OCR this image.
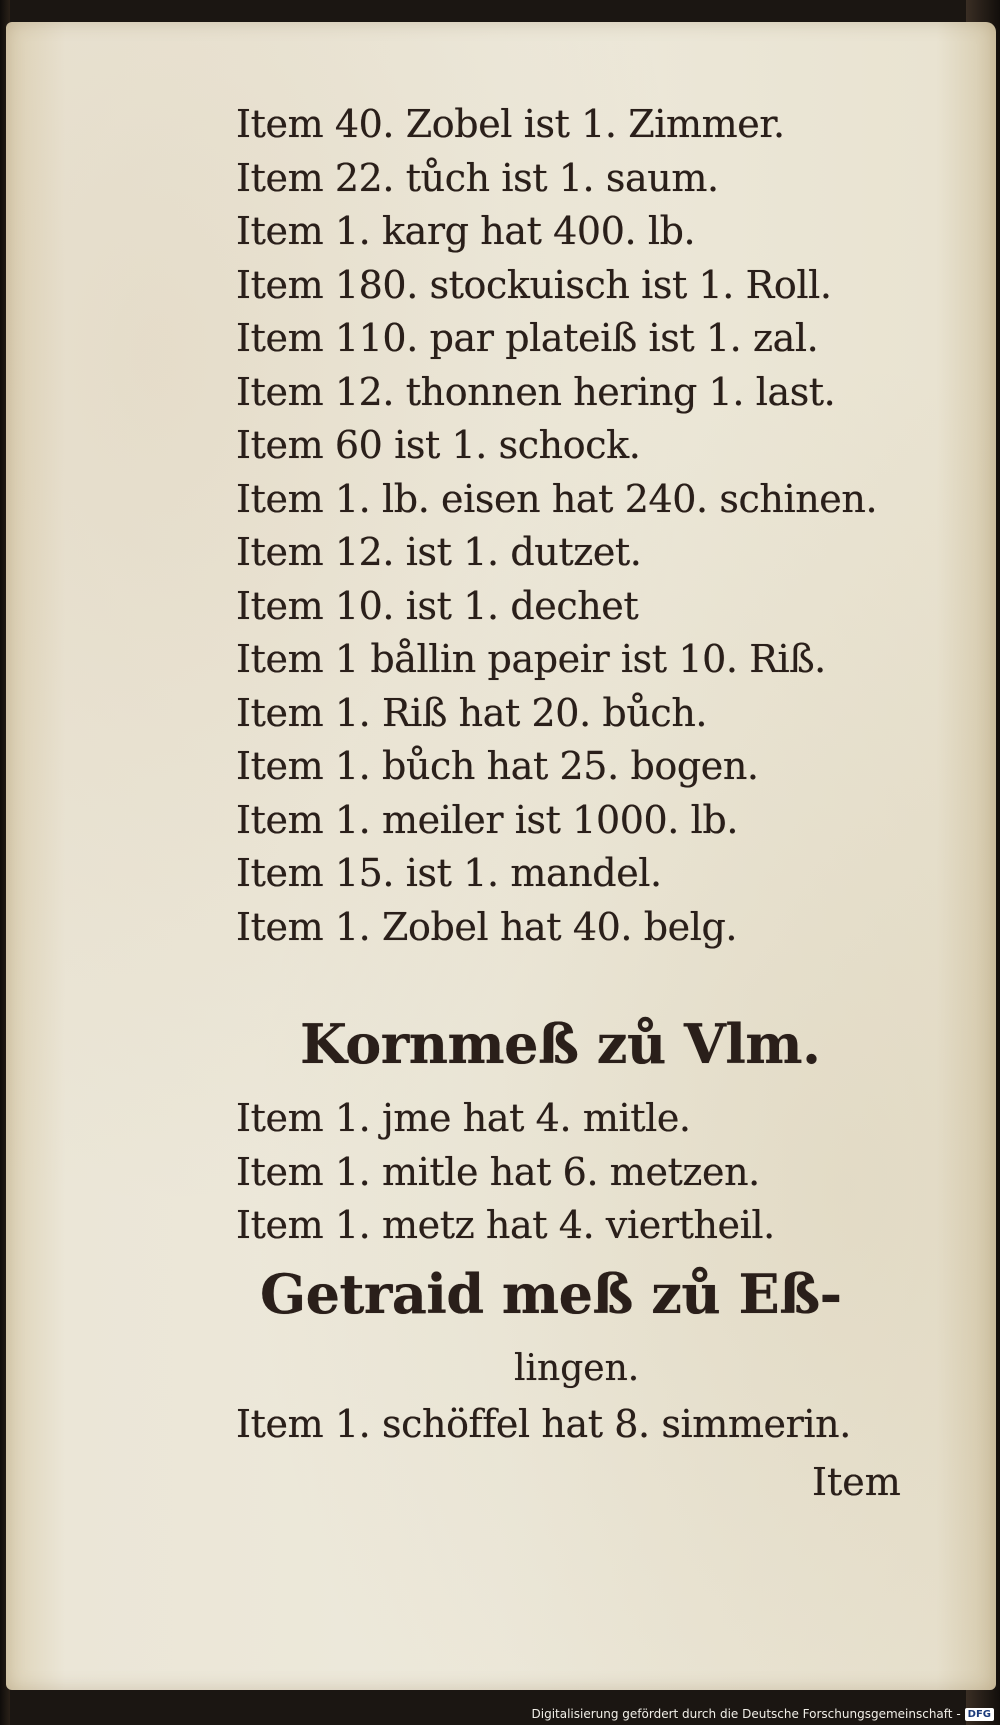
Item 40. Zobel ist 1. Zimmer.
Item 22. tůch ist 1. saum.
Item 1. karg hat 400. lb.
Item 180. stockuisch ist 1. Roll.
Item 110. par plateiß ist 1. zal.
Item 12. thonnen hering 1. last.
Item 60 ist 1. schock.
Item 1. lb. eisen hat 240. schinen.
Item 12. ist 1. dutzet.
Item 10. ist 1. dechet
Item 1 bållin papeir ist 10. Riß.
Item 1. Riß hat 20. bůch.
Item 1. bůch hat 25. bogen.
Item 1. meiler ist 1000. lb.
Item 15. ist 1. mandel.
Item 1. Zobel hat 40. belg.
Kornmeß zů Vlm.
Item 1. jme hat 4. mitle.
Item 1. mitle hat 6. metzen.
Item 1. metz hat 4. viertheil.
Getraid meß zů Eß-
lingen.
Item 1. schöffel hat 8. simmerin.
Item
Digitalisierung gefördert durch die Deutsche Forschungsgemeinschaft - DFG
